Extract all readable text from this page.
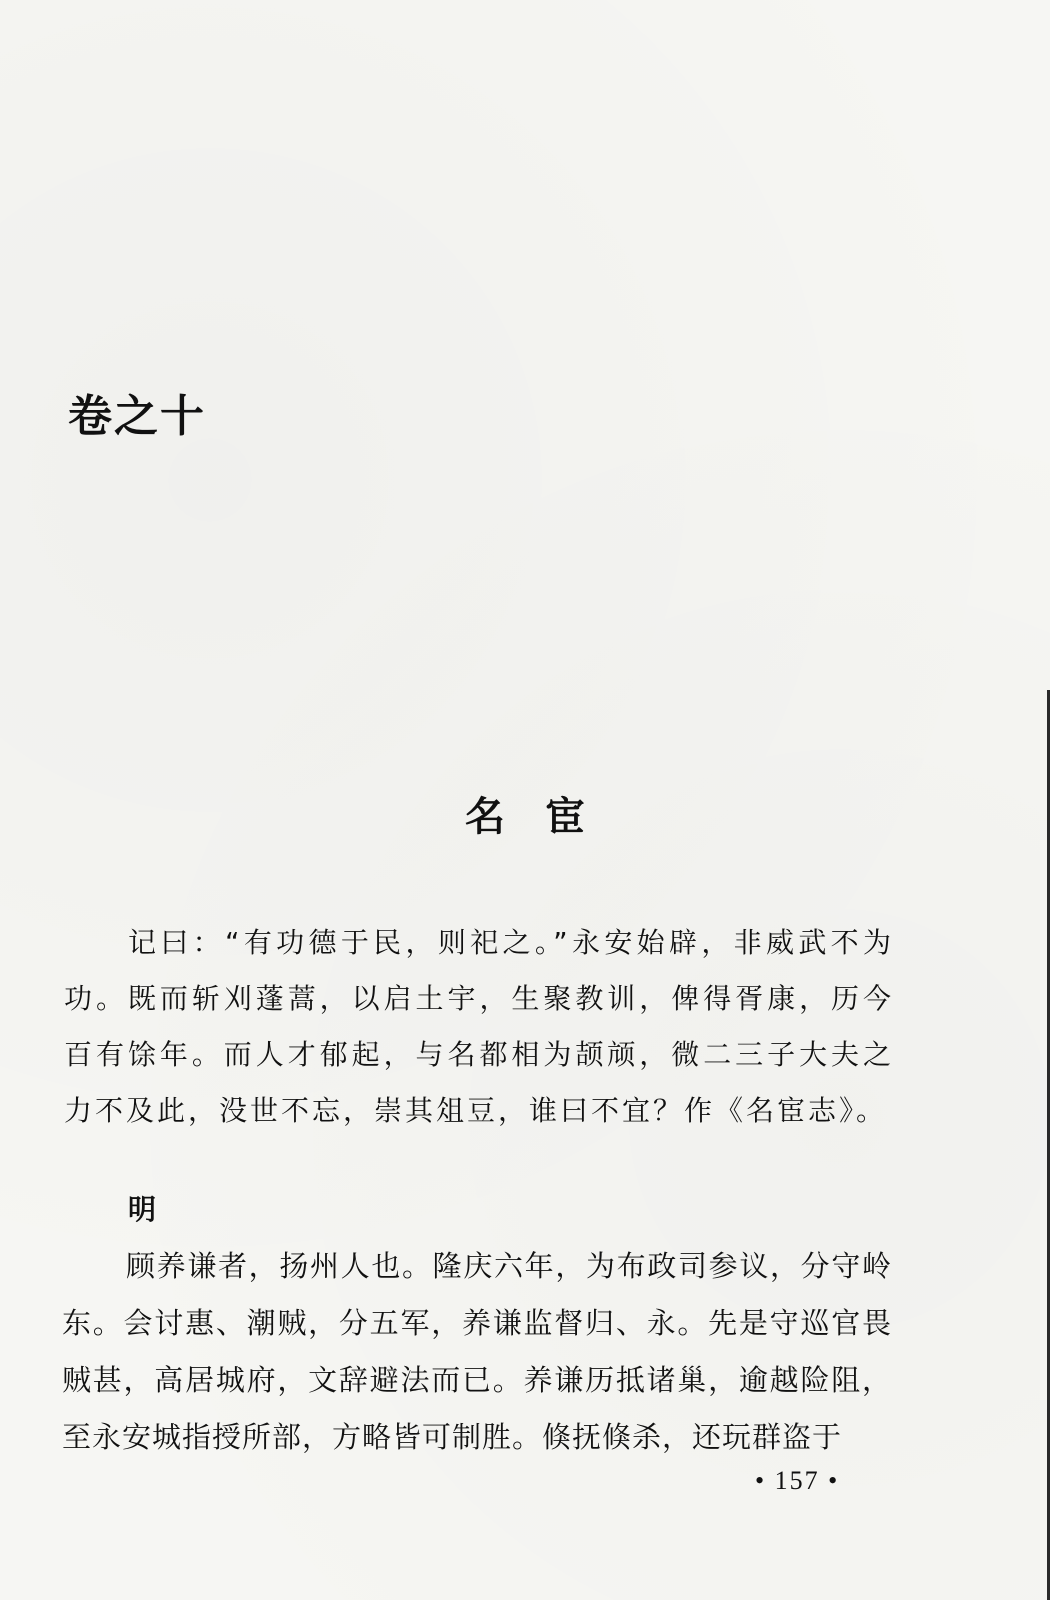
卷之十
名宦

记曰：“有功德于民，则祀之。”永安始辟，非威武不为功。既而斩刈蓬蒿，以启土宇，生聚教训，俾得胥康，历今百有馀年。而人才郁起，与名都相为颉颃，微二三子大夫之力不及此，没世不忘，崇其俎豆，谁曰不宜？作《名宦志》。

明

顾养谦者，扬州人也。隆庆六年，为布政司参议，分守岭东。会讨惠、潮贼，分五军，养谦监督归、永。先是守巡官畏贼甚，高居城府，文辞避法而已。养谦历抵诸巢，逾越险阻，至永安城指授所部，方略皆可制胜。倏抚倏杀，还玩群盗于

• 157 •
